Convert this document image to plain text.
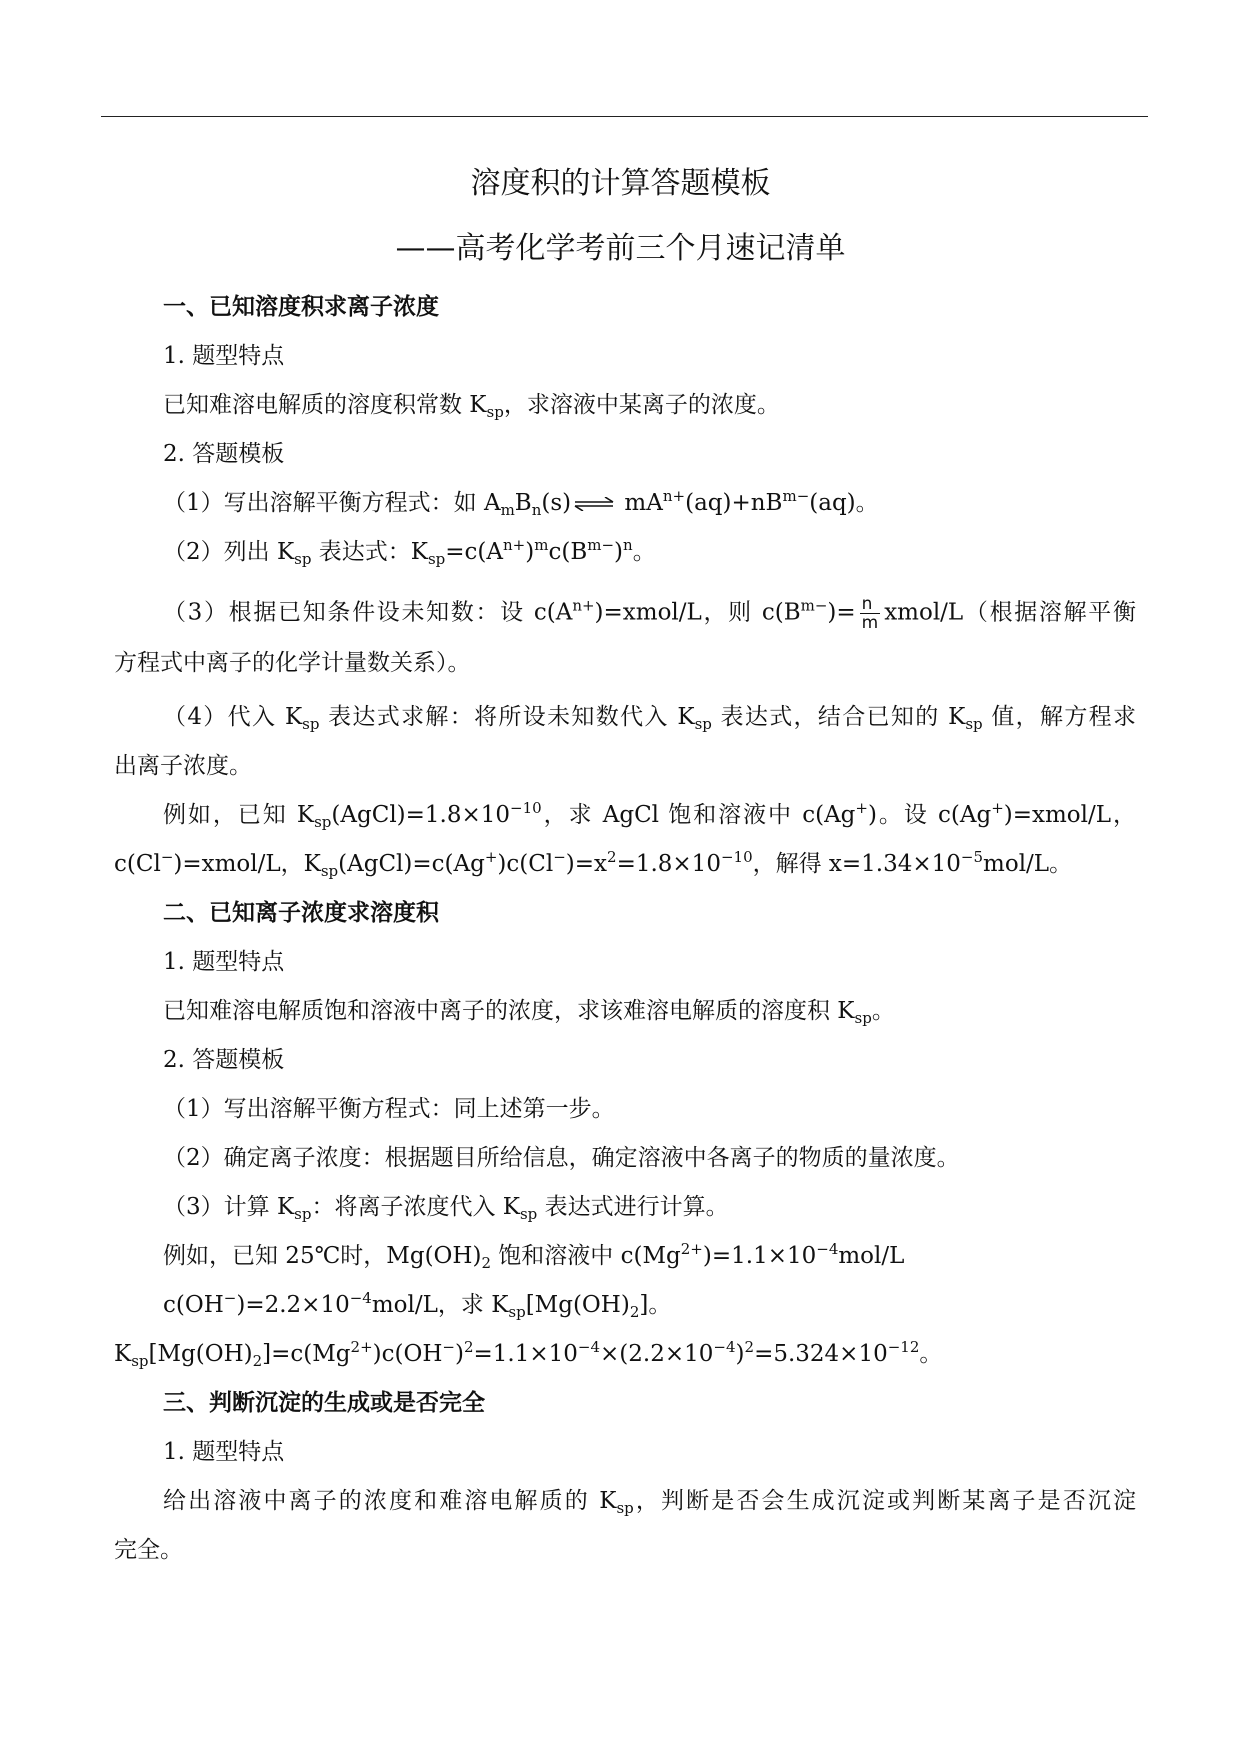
溶度积的计算答题模板
——高考化学考前三个月速记清单
一、已知溶度积求离子浓度
1. 题型特点
已知难溶电解质的溶度积常数 $K_{sp}$，求溶液中某离子的浓度。
2. 答题模板
（1）写出溶解平衡方程式：如 $A_mB_n(s)$ ⇌ $mA^{n+}(aq)+nB^{m-}(aq)$。
（2）列出 $K_{sp}$ 表达式：$K_{sp}=c(A^{n+})^mc(B^{m-})^n$。
（3）根据已知条件设未知数：设 $c(A^{n+})=xmol/L$，则 $c(B^{m-})= \frac{n}{m}$ xmol/L（根据溶解平衡
方程式中离子的化学计量数关系）。
（4）代入 $K_{sp}$ 表达式求解：将所设未知数代入 $K_{sp}$ 表达式，结合已知的 $K_{sp}$ 值，解方程求
出离子浓度。
例如，已知 $K_{sp}(AgCl)=1.8\times 10^{-10}$，求 AgCl 饱和溶液中 c(Ag+)。设 c(Ag+)=xmol/L，
c(Cl−)=xmol/L，$K_{sp}(AgCl)=c(Ag^+)c(Cl^-)=x^2=1.8\times 10^{-10}$，解得 $x=1.34\times 10^{-5}mol/L$。
二、已知离子浓度求溶度积
1. 题型特点
已知难溶电解质饱和溶液中离子的浓度，求该难溶电解质的溶度积 $K_{sp}$。
2. 答题模板
（1）写出溶解平衡方程式：同上述第一步。
（2）确定离子浓度：根据题目所给信息，确定溶液中各离子的物质的量浓度。
（3）计算 $K_{sp}$：将离子浓度代入 $K_{sp}$ 表达式进行计算。
例如，已知 25℃时，$Mg(OH)_2$ 饱和溶液中 $c(Mg^{2+})=1.1\times 10^{-4}mol/L$
$c(OH^-)=2.2\times 10^{-4}mol/L$，求 $K_{sp}[Mg(OH)_2]$。
$K_{sp}[Mg(OH)_2]=c(Mg^{2+})c(OH^-)^2=1.1\times 10^{-4}\times(2.2\times 10^{-4})^2=5.324\times 10^{-12}$。
三、判断沉淀的生成或是否完全
1. 题型特点
给出溶液中离子的浓度和难溶电解质的 $K_{sp}$，判断是否会生成沉淀或判断某离子是否沉淀
完全。
